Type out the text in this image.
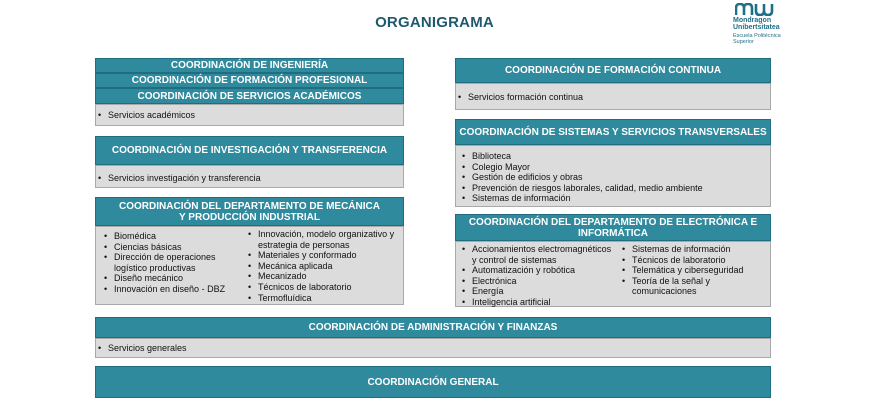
ORGANIGRAMA	Mondragon
Unibertsitatea
Escuela Politécnica
Superior
COORDINACIÓN DE INGENIERÍA
COORDINACIÓN DE FORMACIÓN PROFESIONAL
COORDINACIÓN DE SERVICIOS ACADÉMICOS
• Servicios académicos
COORDINACIÓN DE INVESTIGACIÓN Y TRANSFERENCIA
• Servicios investigación y transferencia
COORDINACIÓN DEL DEPARTAMENTO DE MECÁNICA Y PRODUCCIÓN INDUSTRIAL
• Biomédica
• Ciencias básicas
• Dirección de operaciones logístico productivas
• Diseño mecánico
• Innovación en diseño - DBZ
• Innovación, modelo organizativo y estrategia de personas
• Materiales y conformado
• Mecánica aplicada
• Mecanizado
• Técnicos de laboratorio
• Termofluídica
COORDINACIÓN DE FORMACIÓN CONTINUA
• Servicios formación continua
COORDINACIÓN DE SISTEMAS Y SERVICIOS TRANSVERSALES
• Biblioteca
• Colegio Mayor
• Gestión de edificios y obras
• Prevención de riesgos laborales, calidad, medio ambiente
• Sistemas de información
COORDINACIÓN DEL DEPARTAMENTO DE ELECTRÓNICA E INFORMÁTICA
• Accionamientos electromagnéticos y control de sistemas
• Automatización y robótica
• Electrónica
• Energía
• Inteligencia artificial
• Sistemas de información
• Técnicos de laboratorio
• Telemática y ciberseguridad
• Teoría de la señal y comunicaciones
COORDINACIÓN DE ADMINISTRACIÓN Y FINANZAS
• Servicios generales
COORDINACIÓN GENERAL
